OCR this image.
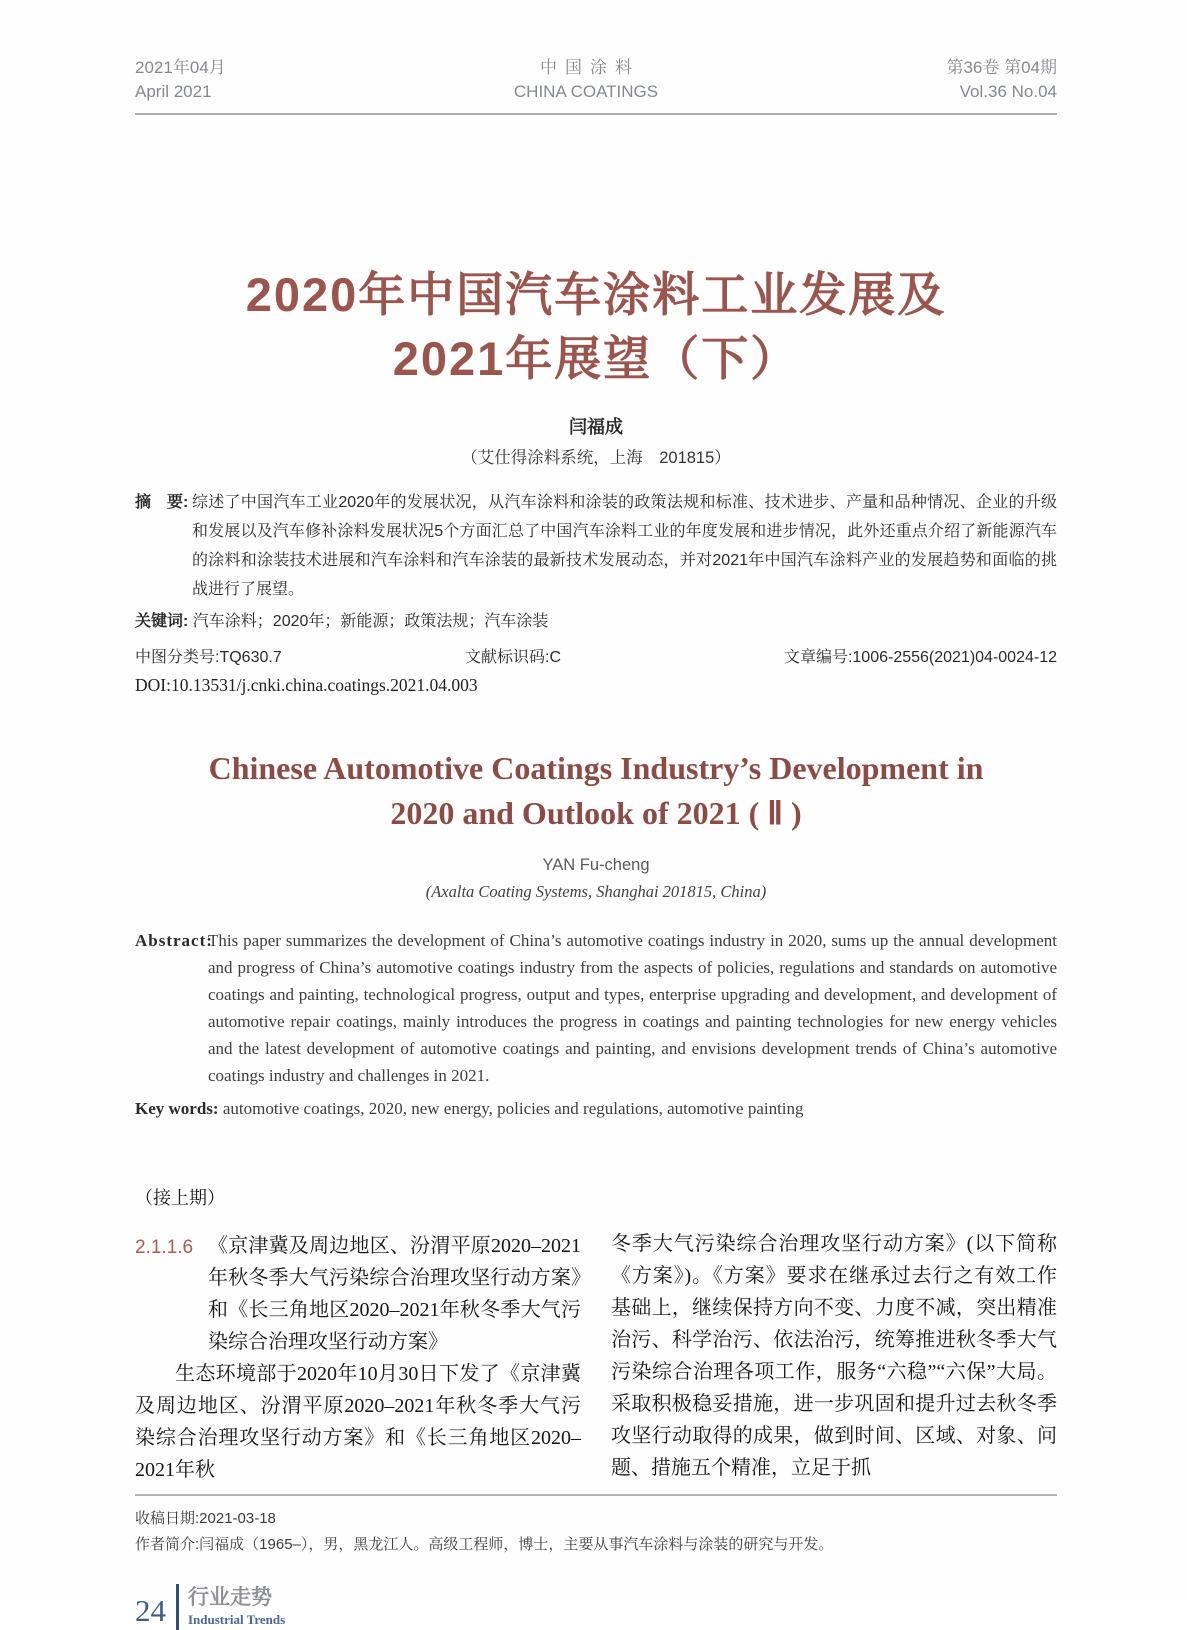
2021年04月
April 2021
中国涂料
CHINA COATINGS
第36卷 第04期
Vol.36 No.04
2020年中国汽车涂料工业发展及
2021年展望（下）
闫福成
（艾仕得涂料系统，上海　201815）
摘　要: 综述了中国汽车工业2020年的发展状况，从汽车涂料和涂装的政策法规和标准、技术进步、产量和品种情况、企业的升级和发展以及汽车修补涂料发展状况5个方面汇总了中国汽车涂料工业的年度发展和进步情况，此外还重点介绍了新能源汽车的涂料和涂装技术进展和汽车涂料和汽车涂装的最新技术发展动态，并对2021年中国汽车涂料产业的发展趋势和面临的挑战进行了展望。
关键词: 汽车涂料；2020年；新能源；政策法规；汽车涂装
中图分类号:TQ630.7	文献标识码:C	文章编号:1006-2556(2021)04-0024-12
DOI:10.13531/j.cnki.china.coatings.2021.04.003
Chinese Automotive Coatings Industry’s Development in
2020 and Outlook of 2021 ( Ⅱ )
YAN Fu-cheng
(Axalta Coating Systems, Shanghai 201815, China)
Abstract:
This paper summarizes the development of China’s automotive coatings industry in 2020, sums up the annual development and progress of China’s automotive coatings industry from the aspects of policies, regulations and standards on automotive coatings and painting, technological progress, output and types, enterprise upgrading and development, and development of automotive repair coatings, mainly introduces the progress in coatings and painting technologies for new energy vehicles and the latest development of automotive coatings and painting, and envisions development trends of China’s automotive coatings industry and challenges in 2021.
Key words: automotive coatings, 2020, new energy, policies and regulations, automotive painting
（接上期）
2.1.1.6 《京津冀及周边地区、汾渭平原2020–2021年秋冬季大气污染综合治理攻坚行动方案》和《长三角地区2020–2021年秋冬季大气污染综合治理攻坚行动方案》

生态环境部于2020年10月30日下发了《京津冀及周边地区、汾渭平原2020–2021年秋冬季大气污染综合治理攻坚行动方案》和《长三角地区2020–2021年秋

冬季大气污染综合治理攻坚行动方案》(以下简称《方案》)。《方案》要求在继承过去行之有效工作基础上，继续保持方向不变、力度不减，突出精准治污、科学治污、依法治污，统筹推进秋冬季大气污染综合治理各项工作，服务“六稳”“六保”大局。采取积极稳妥措施，进一步巩固和提升过去秋冬季攻坚行动取得的成果，做到时间、区域、对象、问题、措施五个精准，立足于抓

收稿日期:2021-03-18
作者简介:闫福成（1965–），男，黑龙江人。高级工程师，博士，主要从事汽车涂料与涂装的研究与开发。
24 行业走势
Industrial Trends
